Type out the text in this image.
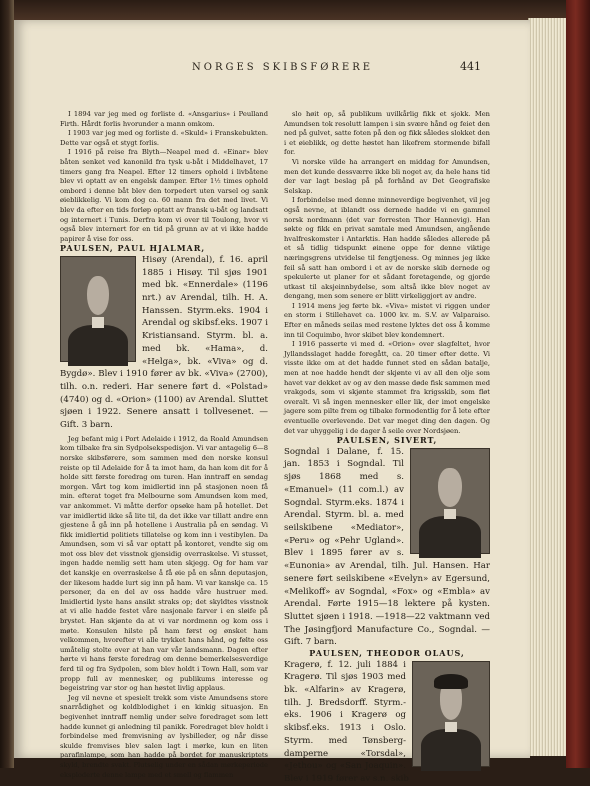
NORGES SKIBSFØRERE	441

I 1894 var jeg med og forliste d. «Ansgarius» i Peulland Firth. Hårdt forlis hvorunder a mann omkom.

I 1903 var jeg med og forliste d. «Skuld» i Franskebukten. Dette var også et stygt forlis.

I 1916 på reise fra Blyth—Neapel med d. «Einar» blev båten senket ved kanonild fra tysk u-båt i Middelhavet, 17 timers gang fra Neapel. Efter 12 timers ophold i livbåtene blev vi optatt av en engelsk damper. Efter 1½ times ophold ombord i denne båt blev den torpedert uten varsel og sank øieblikkelig. Vi kom dog ca. 60 mann fra det med livet. Vi blev da efter en tids forløp optatt av fransk u-båt og landsatt og internert i Tunis. Derfra kom vi over til Toulong, hvor vi også blev internert for en tid på grunn av at vi ikke hadde papirer å vise for oss.

PAULSEN, PAUL HJALMAR,

Hisøy (Arendal), f. 16. april 1885 i Hisøy. Til sjøs 1901 med bk. «Ennerdale» (1196 nrt.) av Arendal, tilh. H. A. Hanssen. Styrm.eks. 1904 i Arendal og skibsf.eks. 1907 i Kristiansand. Styrm. bl. a. med bk. «Hama», d. «Helga», bk. «Viva» og d. Bygdø». Blev i 1910 fører av bk. «Viva» (2700), tilh. o.n. rederi. Har senere ført d. «Polstad» (4740) og d. «Orion» (1100) av Arendal. Sluttet sjøen i 1922. Senere ansatt i tollvesenet. — Gift. 3 barn.

Jeg befant mig i Port Adelaide i 1912, da Roald Amundsen kom tilbake fra sin Sydpolsekspedisjon. Vi var antagelig 6—8 norske skibsførere, som sammen med den norske konsul reiste op til Adelaide for å ta imot ham, da han kom dit for å holde sitt første foredrag om turen. Han inntraff en søndag morgen. Vårt tog kom imidlertid inn på stasjonen noen få min. efterat toget fra Melbourne som Amundsen kom med, var ankommet. Vi måtte derfor opsøke ham på hotellet. Det var imidlertid ikke så lite til, da det ikke var tillatt andre enn gjestene å gå inn på hotellene i Australia på en søndag. Vi fikk imidlertid politiets tillatelse og kom inn i vestibylen. Da Amundsen, som vi så var optatt på kontoret, vendte sig om mot oss blev det visstnok gjensidig overraskelse. Vi stusset, ingen hadde nemlig sett ham uten skjegg. Og for ham var det kanskje en overraskelse å få øie på en sånn deputasjon, der likesom hadde lurt sig inn på ham. Vi var kanskje ca. 15 personer, da en del av oss hadde våre hustruer med. Imidlertid lyste hans ansikt straks op; det skyldtes visstnok at vi alle hadde festet våre nasjonale farver i en sløife på brystet. Han skjønte da at vi var nordmenn og kom oss i møte. Konsulen hilste på ham først og ønsket ham velkommen, hvorefter vi alle trykket hans hånd, og følte oss umåtelig stolte over at han var vår landsmann. Dagen efter hørte vi hans første foredrag om denne bemerkelsesverdige ferd til og fra Sydpolen, som blev holdt i Town Hall, som var propp full av mennesker, og publikums interesse og begeistring var stor og han høstet livlig applaus.

Jeg vil nevne et spesielt trekk som viste Amundsens store snarrådighet og koldblodighet i en kinkig situasjon. En begivenhet inntraff nemlig under selve foredraget som lett hadde kunnet gi anledning til panikk. Foredraget blev holdt i forbindelse med fremvisning av lysbilleder, og når disse skulde fremvises blev salen lagt i mørke, kun en liten parafinlampe, som han hadde på bordet for manuskriptets skyld, brendte svakt. Plutselig under en sådan mørkeperiode eksploderte denne lampe med et smell og flammen

slo høit op, så publikum uvilkårlig fikk et sjokk. Men Amundsen tok resolutt lampen i sin svære hånd og feiet den ned på gulvet, satte foten på den og fikk således slokket den i et øieblikk, og dette høstet han likefrem stormende bifall for.

Vi norske vilde ha arrangert en middag for Amundsen, men det kunde dessværre ikke bli noget av, da hele hans tid der var lagt beslag på på forhånd av Det Geografiske Selskap.

I forbindelse med denne minneverdige begivenhet, vil jeg også nevne, at iblandt oss dernede hadde vi en gammel norsk nordmann (det var forresten Thor Hannevig). Han søkte og fikk en privat samtale med Amundsen, angående hvalfreskomster i Antarktis. Han hadde således allerede på et så tidlig tidspunkt øinene oppe for denne viktige næringsgrens utvidelse til fengtjeness. Og minnes jeg ikke feil så satt han ombord i et av de norske skib dernede og spekulerte ut planer for et sådant foretagende, og gjorde utkast til aksjeinnbydelse, som altså ikke blev noget av dengang, men som senere er blitt virkeliggjort av andre.

I 1914 mens jeg førte bk. «Viva» mistet vi riggen under en storm i Stillehavet ca. 1000 kv. m. S.V. av Valparaiso. Efter en måneds seilas med restene lyktes det oss å komme inn til Coquimbo, hvor skibet blev kondemnert.

I 1916 passerte vi med d. «Orion» over slagfeltet, hvor Jyllandsslaget hadde foregått, ca. 20 timer efter dette. Vi visste ikke om at det hadde funnet sted en sådan batalje, men at noe hadde hendt der skjønte vi av all den olje som havet var dekket av og av den masse døde fisk sammen med vrakgods, som vi skjønte stammet fra krigsskib, som fløt overalt. Vi så ingen mennesker eller lik, der imot engelske jagere som pilte frem og tilbake formodentlig for å lete efter eventuelle overlevende. Det var meget ding den dagen. Og det var uhyggelig i de dager å seile over Nordsjøen.

PAULSEN, SIVERT,

Sogndal i Dalane, f. 15. jan. 1853 i Sogndal. Til sjøs 1868 med s. «Emanuel» (11 com.l.) av Sogndal. Styrm.eks. 1874 i Arendal. Styrm. bl. a. med seilskibene «Mediator», «Peru» og «Pehr Ugland». Blev i 1895 fører av s. «Eunonia» av Arendal, tilh. Jul. Hansen. Har senere ført seilskibene «Evelyn» av Egersund, «Melikoff» av Sogndal, «Fox» og «Embla» av Arendal. Førte 1915—18 lektere på kysten. Sluttet sjøen i 1918. —1918—22 vaktmann ved The Jøsingfjord Manufacture Co., Sogndal. — Gift. 7 barn.

PAULSEN, THEODOR OLAUS,

Kragerø, f. 12. juli 1884 i Kragerø. Til sjøs 1903 med bk. «Alfarin» av Kragerø, tilh. J. Bredsdorff. Styrm.-eks. 1906 i Kragerø og skibsf.eks. 1913 i Oslo. Styrm. med Tønsberg-damperne «Torsdal», «Jethou» og «San Joaquin». Blev i 1919 fører av s.n. skib
